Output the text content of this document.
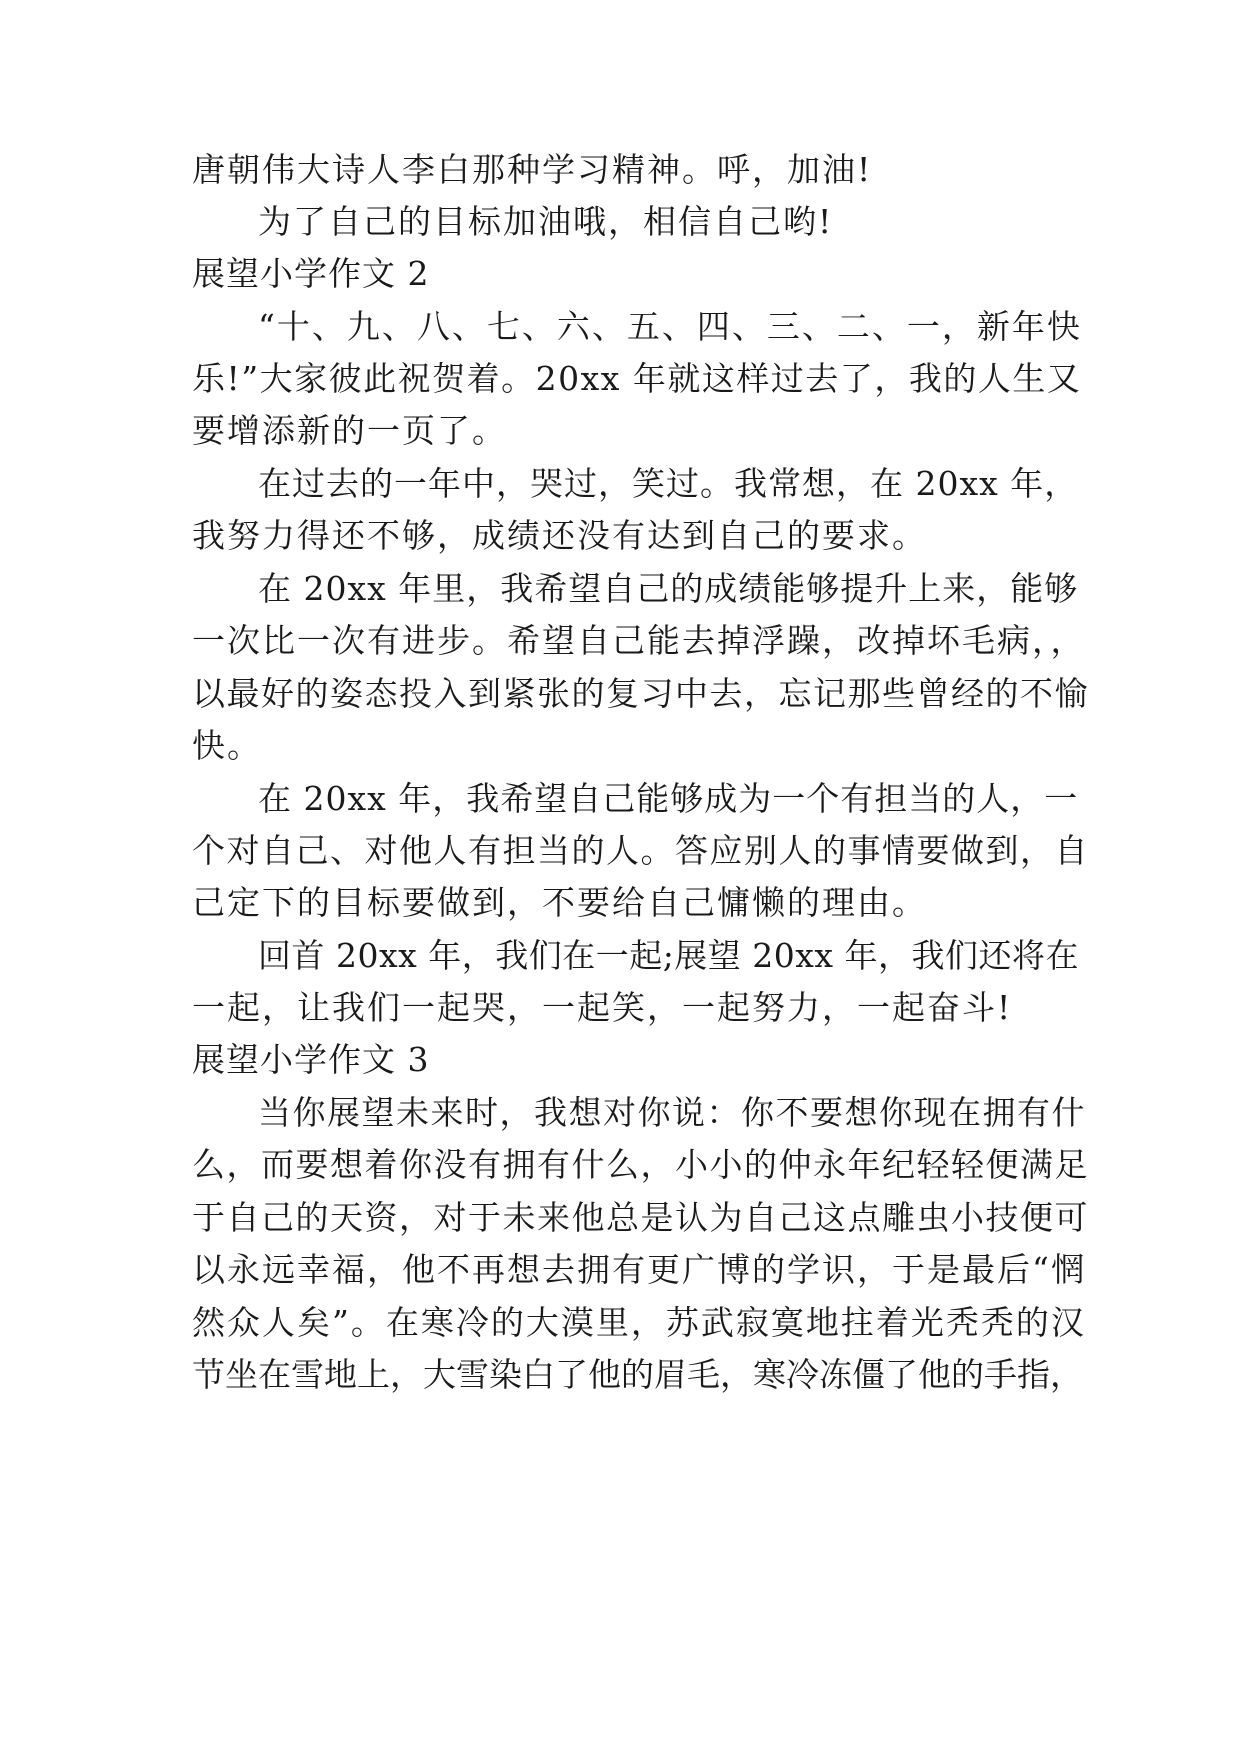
唐朝伟大诗人李白那种学习精神。呼，加油!
为了自己的目标加油哦，相信自己哟!
展望小学作文 2
“十、九、八、七、六、五、四、三、二、一，新年快
乐!”大家彼此祝贺着。20xx 年就这样过去了，我的人生又
要增添新的一页了。
在过去的一年中，哭过，笑过。我常想，在 20xx 年，
我努力得还不够，成绩还没有达到自己的要求。
在 20xx 年里，我希望自己的成绩能够提升上来，能够
一次比一次有进步。希望自己能去掉浮躁，改掉坏毛病，，
以最好的姿态投入到紧张的复习中去，忘记那些曾经的不愉
快。
在 20xx 年，我希望自己能够成为一个有担当的人，一
个对自己、对他人有担当的人。答应别人的事情要做到，自
己定下的目标要做到，不要给自己慵懒的理由。
回首 20xx 年，我们在一起;展望 20xx 年，我们还将在
一起，让我们一起哭，一起笑，一起努力，一起奋斗!
展望小学作文 3
当你展望未来时，我想对你说：你不要想你现在拥有什
么，而要想着你没有拥有什么，小小的仲永年纪轻轻便满足
于自己的天资，对于未来他总是认为自己这点雕虫小技便可
以永远幸福，他不再想去拥有更广博的学识，于是最后“惘
然众人矣”。在寒冷的大漠里，苏武寂寞地拄着光秃秃的汉
节坐在雪地上，大雪染白了他的眉毛，寒冷冻僵了他的手指，
